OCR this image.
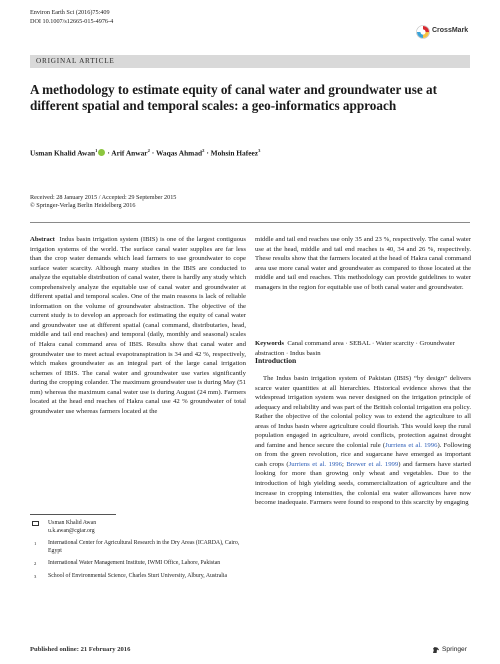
Environ Earth Sci (2016)75:409
DOI 10.1007/s12665-015-4976-4
CrossMark
ORIGINAL ARTICLE
A methodology to estimate equity of canal water and groundwater use at different spatial and temporal scales: a geo-informatics approach
Usman Khalid Awan$^1$ · Arif Anwar$^2$ · Waqas Ahmad$^2$ · Mohsin Hafeez$^3$
Received: 28 January 2015 / Accepted: 29 September 2015
© Springer-Verlag Berlin Heidelberg 2016

Abstract Indus basin irrigation system (IBIS) is one of the largest contiguous irrigation systems of the world. The surface canal water supplies are far less than the crop water demands which lead farmers to use groundwater to cope surface water scarcity. Although many studies in the IBIS are conducted to analyze the equitable distribution of canal water, there is hardly any study which comprehensively analyze the equitable use of canal water and groundwater at different spatial and temporal scales. One of the main reasons is lack of reliable information on the volume of groundwater abstraction. The objective of the current study is to develop an approach for estimating the equity of canal water and groundwater use at different spatial (canal command, distributaries, head, middle and tail end reaches) and temporal (daily, monthly and seasonal) scales of Hakra canal command area of IBIS. Results show that canal water and groundwater use to meet actual evapotranspiration is 34 and 42 %, respectively, which makes groundwater as an integral part of the large canal irrigation schemes of IBIS. The canal water and groundwater use varies significantly during the cropping colander. The maximum groundwater use is during May (51 mm) whereas the maximum canal water use is during August (24 mm). Farmers located at the head end reaches of Hakra canal use 42 % groundwater of total groundwater use whereas farmers located at the

middle and tail end reaches use only 35 and 23 %, respectively. The canal water use at the head, middle and tail end reaches is 40, 34 and 26 %, respectively. These results show that the farmers located at the head of Hakra canal command area use more canal water and groundwater as compared to those located at the middle and tail end reaches. This methodology can provide guidelines to water managers in the region for equitable use of both canal water and groundwater.

Keywords Canal command area · SEBAL · Water scarcity · Groundwater abstraction · Indus basin
Introduction

The Indus basin irrigation system of Pakistan (IBIS) “by design” delivers scarce water quantities at all hierarchies. Historical evidence shows that the widespread irrigation system was never designed on the irrigation principle of adequacy and reliability and was part of the British colonial irrigation era policy. Rather the objective of the colonial policy was to extend the agriculture to all areas of Indus basin where agriculture could flourish. This would keep the rural population engaged in agriculture, avoid conflicts, protection against drought and famine and hence secure the colonial rule (Jurriens et al. 1996). Following on from the green revolution, rice and sugarcane have emerged as important cash crops (Jurriens et al. 1996; Brewer et al. 1999) and farmers have started looking for more than growing only wheat and vegetables. Due to the introduction of high yielding seeds, commercialization of agriculture and the increase in cropping intensities, the colonial era water allowances have now become inadequate. Farmers were found to respond to this scarcity by engaging

Usman Khalid Awan
u.k.awan@cgiar.org
1 International Center for Agricultural Research in the Dry Areas (ICARDA), Cairo, Egypt
2 International Water Management Institute, IWMI Office, Lahore, Pakistan
3 School of Environmental Science, Charles Sturt University, Albury, Australia
Published online: 21 February 2016	Springer
